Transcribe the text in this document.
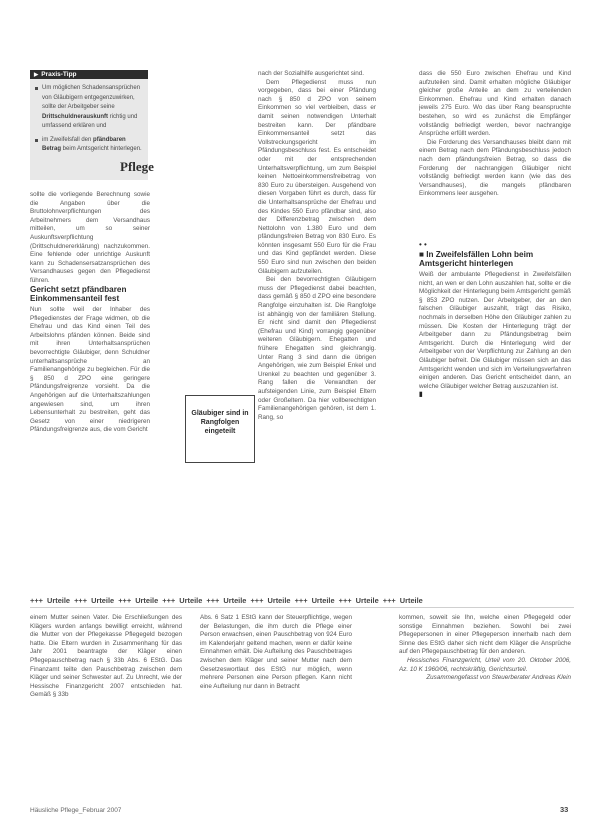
▶ Praxis-Tipp
Um möglichen Schadensansprüchen von Gläubigern entgegenzuwirken, sollte der Arbeitgeber seine Drittschuldnerauskunft richtig und umfassend erklären und
im Zweifelsfall den pfändbaren Betrag beim Amtsgericht hinterlegen.
Pflege

sollte die vorliegende Berechnung sowie die Angaben über die Bruttolohnverpflichtungen des Arbeitnehmers dem Versandhaus mitteilen, um so seiner Auskunftsverpflichtung (Drittschuldnererklärung) nachzukommen. Eine fehlende oder unrichtige Auskunft kann zu Schadensersatzansprüchen des Versandhauses gegen den Pflegedienst führen.

Gericht setzt pfändbaren Einkommensanteil fest

Nun sollte weil der Inhaber des Pflegedienstes der Frage widmen, ob die Ehefrau und das Kind einen Teil des Arbeitslohns pfänden können. Beide sind mit ihren Unterhaltsansprüchen bevorrechtigte Gläubiger, denn Schuldner unterhaltsansprüche an Familienangehörige zu begleichen. Für die § 850 d ZPO eine geringere Pfändungsfreigrenze vorsieht. Da die Angehörigen auf die Unterhaltszahlungen angewiesen sind, um ihren Lebensunterhalt zu bestreiten, geht das Gesetz von einer niedrigeren Pfändungsfreigrenze aus, die vom Gericht

Gläubiger sind in Rangfolgen eingeteilt

nach der Sozialhilfe ausgerichtet sind.

Dem Pflegedienst muss nun vorgegeben, dass bei einer Pfändung nach § 850 d ZPO von seinem Einkommen so viel verbleiben, dass er damit seinen notwendigen Unterhalt bestreiten kann. Der pfändbare Einkommensanteil setzt das Vollstreckungsgericht im Pfändungsbeschluss fest. Es entscheidet oder mit der entsprechenden Unterhaltsverpflichtung, um zum Beispiel keinen Nettoeinkommensfreibetrag von 830 Euro zu übersteigen. Ausgehend von diesen Vorgaben führt es durch, dass für die Unterhaltsansprüche der Ehefrau und des Kindes 550 Euro pfändbar sind, also der Differenzbetrag zwischen dem Nettolohn von 1.380 Euro und dem pfändungsfreien Betrag von 830 Euro. Es könnten insgesamt 550 Euro für die Frau und das Kind gepfändet werden. Diese 550 Euro sind nun zwischen den beiden Gläubigern aufzuteilen.

Bei den bevorrechtigten Gläubigern muss der Pflegedienst dabei beachten, dass gemäß § 850 d ZPO eine besondere Rangfolge einzuhalten ist. Die Rangfolge ist abhängig von der familiären Stellung. Er nicht sind damit den Pflegedienst (Ehefrau und Kind) vorrangig gegenüber weiteren Gläubigern. Ehegatten und frühere Ehegatten sind gleichrangig. Unter Rang 3 sind dann die übrigen Angehörigen, wie zum Beispiel Enkel und Urenkel zu beachten und gegenüber 3. Rang fallen die Verwandten der aufsteigenden Linie, zum Beispiel Eltern oder Großeltern. Da hier vollberechtigten Familienangehörigen gehören, ist dem 1. Rang, so

dass die 550 Euro zwischen Ehefrau und Kind aufzuteilen sind. Damit erhalten mögliche Gläubiger gleicher große Anteile an dem zu verteilenden Einkommen. Ehefrau und Kind erhalten danach jeweils 275 Euro. Wo das über Rang beanspruchte bestehen, so wird es zunächst die Empfänger vollständig befriedigt werden, bevor nachrangige Ansprüche erfüllt werden.

Die Forderung des Versandhauses bleibt dann mit einem Betrag nach dem Pfändungsbeschluss jedoch nach dem pfändungsfreien Betrag, so dass die Forderung der nachrangigen Gläubiger nicht vollständig befriedigt werden kann (wie das des Versandhauses), die mangels pfändbaren Einkommens leer ausgehen.

• •
■ In Zweifelsfällen Lohn beim Amtsgericht hinterlegen

Weiß der ambulante Pflegedienst in Zweifelsfällen nicht, an wen er den Lohn auszahlen hat, sollte er die Möglichkeit der Hinterlegung beim Amtsgericht gemäß § 853 ZPO nutzen. Der Arbeitgeber, der an den falschen Gläubiger auszahlt, trägt das Risiko, nochmals in derselben Höhe den Gläubiger zahlen zu müssen. Die Kosten der Hinterlegung trägt der Arbeitgeber dann zu Pfändungsbetrag beim Amtsgericht. Durch die Hinterlegung wird der Arbeitgeber von der Verpflichtung zur Zahlung an den Gläubiger befreit. Die Gläubiger müssen sich an das Amtsgericht wenden und sich im Verteilungsverfahren einigen anderen. Das Gericht entscheidet dann, an welche Gläubiger welcher Betrag auszuzahlen ist.

▮
+++ Urteile +++ Urteile +++ Urteile +++ Urteile +++ Urteile +++ Urteile +++ Urteile +++ Urteile +++ Urteile

einem Mutter seinen Vater. Die Erschließungen des Klägers wurden anfangs bewilligt erreicht, während die Mutter von der Pflegekasse Pflegegeld bezogen hatte. Die Eltern wurden in Zusammenhang für das Jahr 2001 beantragte der Kläger einen Pflegepauschbetrag nach § 33b Abs. 6 EStG. Das Finanzamt teilte den Pauschbetrag zwischen dem Kläger und seiner Schwester auf. Zu Unrecht, wie der Hessische Finanzgericht 2007 entschieden hat. Gemäß § 33b

Abs. 6 Satz 1 EStG kann der Steuerpflichtige, wegen der Belastungen, die ihm durch die Pflege einer Person erwachsen, einen Pauschbetrag von 924 Euro im Kalenderjahr geltend machen, wenn er dafür keine Einnahmen erhält. Die Aufteilung des Pauschbetrages zwischen dem Kläger und seiner Mutter nach dem Gesetzeswortlaut des EStG nur möglich, wenn mehrere Personen eine Person pflegen. Kann nicht eine Aufteilung nur dann in Betracht

kommen, soweit sie Ihn, welche einen Pflegegeld oder sonstige Einnahmen beziehen. Sowohl bei zwei Pflegepersonen in einer Pflegeperson innerhalb nach dem Sinne des EStG daher sich nicht dem Kläger die Ansprüche auf den Pflegepauschbetrag für den anderen.

Hessisches Finanzgericht, Urteil vom 20. Oktober 2006, Az. 10 K 1960/06, rechtskräftig, Gerichtsurteil.

Zusammengefasst von Steuerberater Andreas Klein

Häusliche Pflege_Februar 2007	33
